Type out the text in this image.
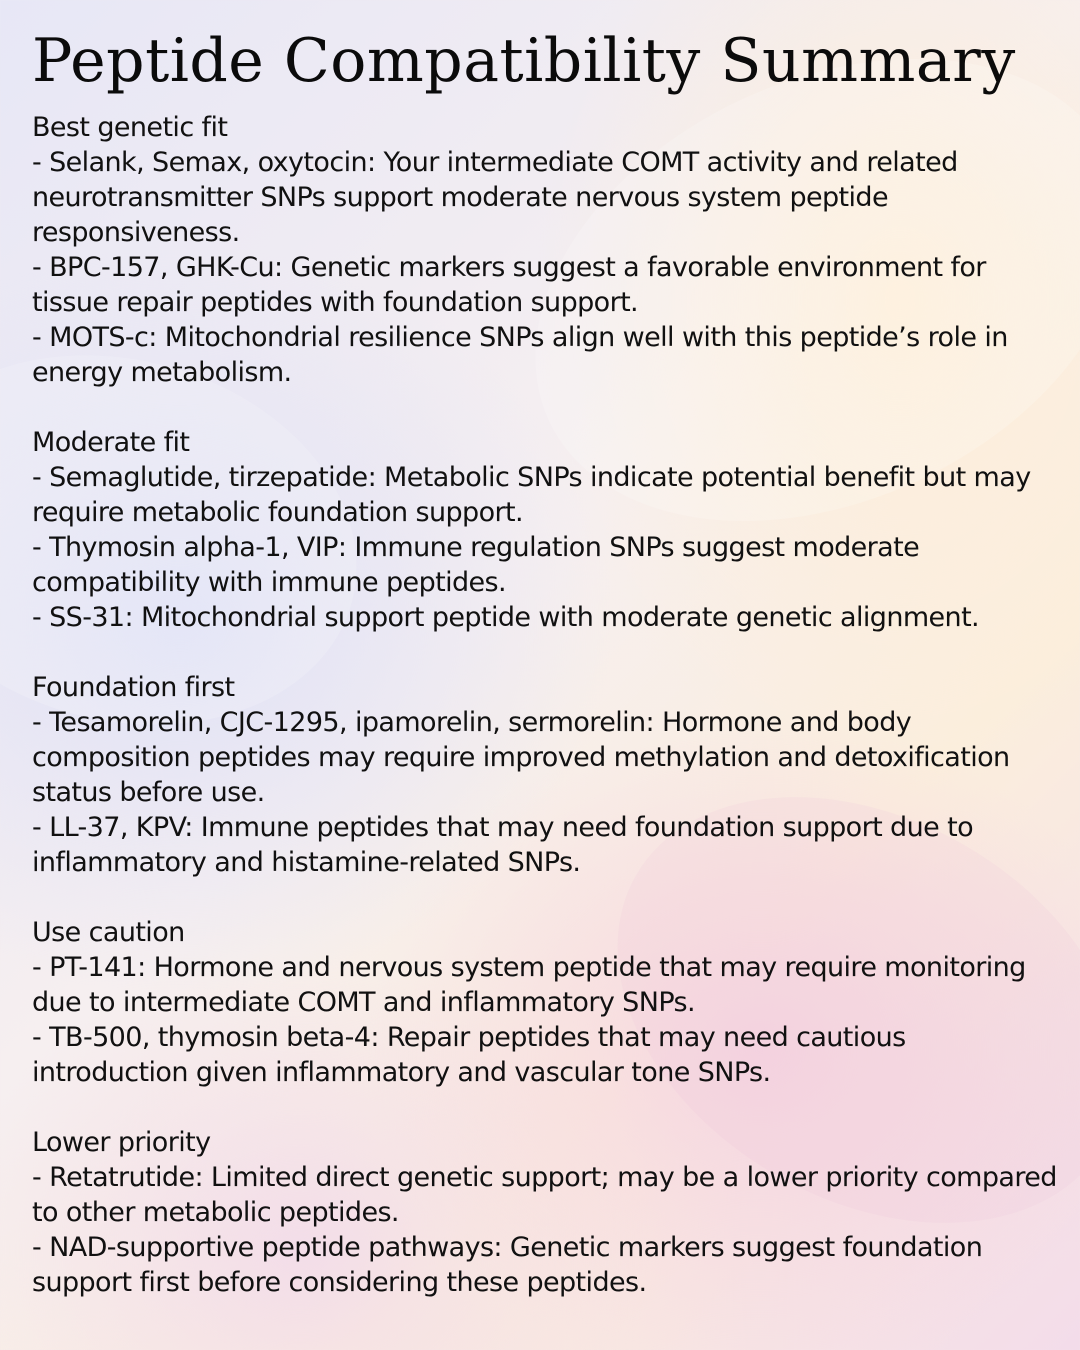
Peptide Compatibility Summary

Best genetic fit

- Selank, Semax, oxytocin: Your intermediate COMT activity and related neurotransmitter SNPs support moderate nervous system peptide responsiveness.
- BPC-157, GHK-Cu: Genetic markers suggest a favorable environment for tissue repair peptides with foundation support.
- MOTS-c: Mitochondrial resilience SNPs align well with this peptide’s role in energy metabolism.

Moderate fit

- Semaglutide, tirzepatide: Metabolic SNPs indicate potential benefit but may require metabolic foundation support.
- Thymosin alpha-1, VIP: Immune regulation SNPs suggest moderate compatibility with immune peptides.
- SS-31: Mitochondrial support peptide with moderate genetic alignment.

Foundation first

- Tesamorelin, CJC-1295, ipamorelin, sermorelin: Hormone and body composition peptides may require improved methylation and detoxification status before use.
- LL-37, KPV: Immune peptides that may need foundation support due to inflammatory and histamine-related SNPs.

Use caution

- PT-141: Hormone and nervous system peptide that may require monitoring due to intermediate COMT and inflammatory SNPs.
- TB-500, thymosin beta-4: Repair peptides that may need cautious introduction given inflammatory and vascular tone SNPs.

Lower priority

- Retatrutide: Limited direct genetic support; may be a lower priority compared to other metabolic peptides.
- NAD-supportive peptide pathways: Genetic markers suggest foundation support first before considering these peptides.
